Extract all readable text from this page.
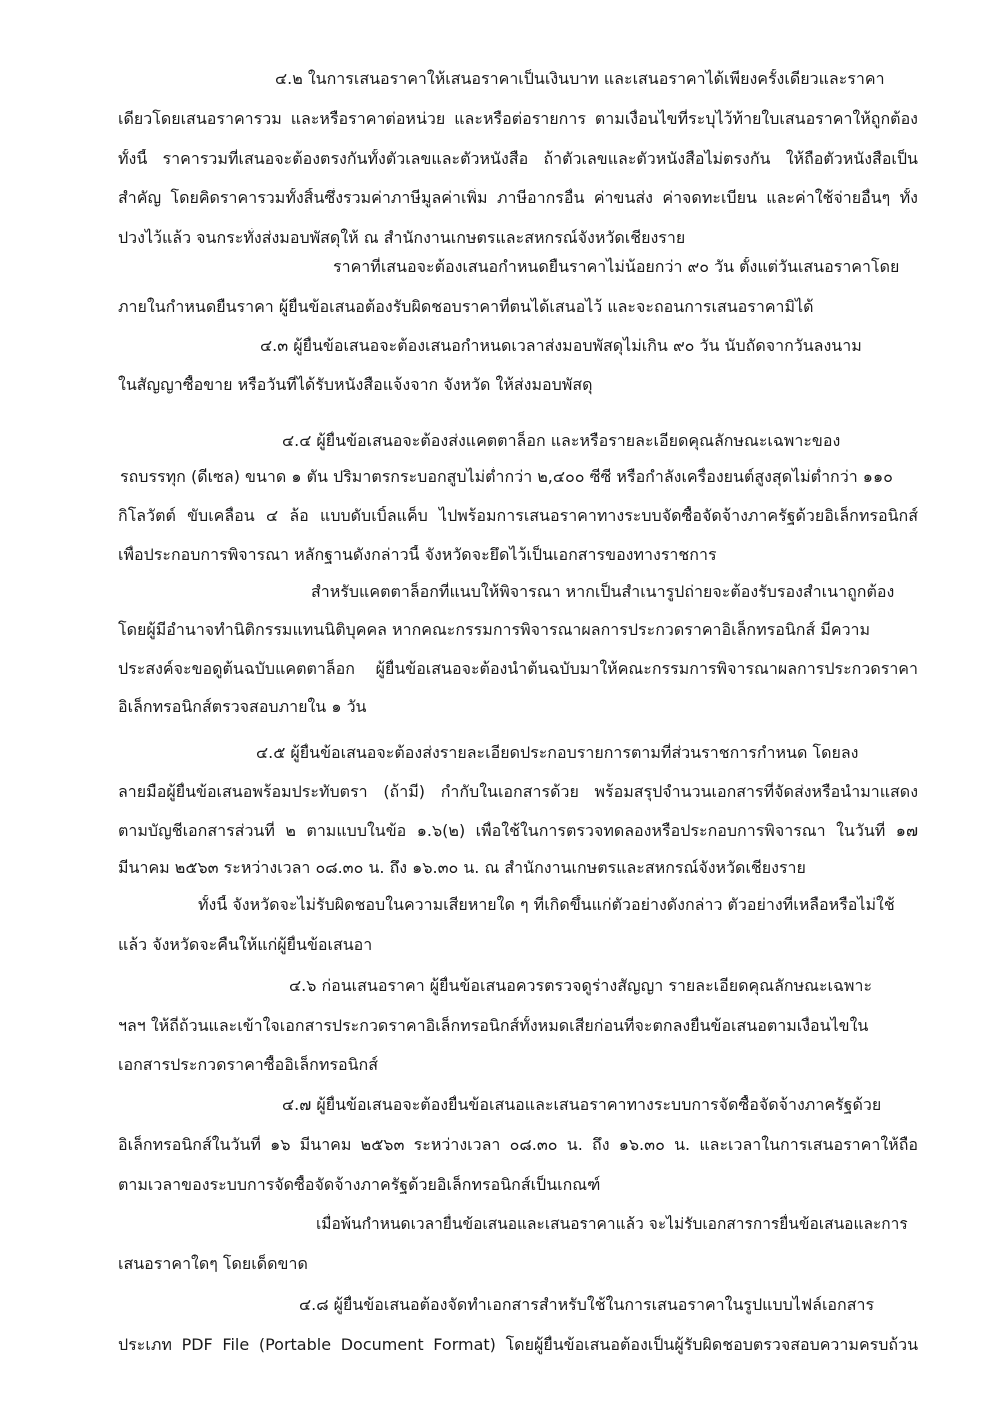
๔.๒ ในการเสนอราคาให้เสนอราคาเป็นเงินบาท และเสนอราคาได้เพียงครั้งเดียวและราคา
เดียวโดยเสนอราคารวม และหรือราคาต่อหน่วย และหรือต่อรายการ ตามเงื่อนไขที่ระบุไว้ท้ายใบเสนอราคาให้ถูกต้อง
ทั้งนี้ ราคารวมที่เสนอจะต้องตรงกันทั้งตัวเลขและตัวหนังสือ ถ้าตัวเลขและตัวหนังสือไม่ตรงกัน ให้ถือตัวหนังสือเป็น
สำคัญ โดยคิดราคารวมทั้งสิ้นซึ่งรวมค่าภาษีมูลค่าเพิ่ม ภาษีอากรอื่น ค่าขนส่ง ค่าจดทะเบียน และค่าใช้จ่ายอื่นๆ ทั้ง
ปวงไว้แล้ว จนกระทั่งส่งมอบพัสดุให้ ณ สำนักงานเกษตรและสหกรณ์จังหวัดเชียงราย
ราคาที่เสนอจะต้องเสนอกำหนดยืนราคาไม่น้อยกว่า ๙๐ วัน ตั้งแต่วันเสนอราคาโดย
ภายในกำหนดยืนราคา ผู้ยื่นข้อเสนอต้องรับผิดชอบราคาที่ตนได้เสนอไว้ และจะถอนการเสนอราคามิได้
๔.๓ ผู้ยื่นข้อเสนอจะต้องเสนอกำหนดเวลาส่งมอบพัสดุไม่เกิน ๙๐ วัน นับถัดจากวันลงนาม
ในสัญญาซื้อขาย หรือวันที่ได้รับหนังสือแจ้งจาก จังหวัด ให้ส่งมอบพัสดุ
๔.๔ ผู้ยื่นข้อเสนอจะต้องส่งแคตตาล็อก และหรือรายละเอียดคุณลักษณะเฉพาะของ
รถบรรทุก (ดีเซล) ขนาด ๑ ตัน ปริมาตรกระบอกสูบไม่ต่ำกว่า ๒,๔๐๐ ซีซี หรือกำลังเครื่องยนต์สูงสุดไม่ต่ำกว่า ๑๑๐
กิโลวัตต์ ขับเคลื่อน ๔ ล้อ แบบดับเบิ้ลแค็บ ไปพร้อมการเสนอราคาทางระบบจัดซื้อจัดจ้างภาครัฐด้วยอิเล็กทรอนิกส์
เพื่อประกอบการพิจารณา หลักฐานดังกล่าวนี้ จังหวัดจะยึดไว้เป็นเอกสารของทางราชการ
สำหรับแคตตาล็อกที่แนบให้พิจารณา หากเป็นสำเนารูปถ่ายจะต้องรับรองสำเนาถูกต้อง
โดยผู้มีอำนาจทำนิติกรรมแทนนิติบุคคล หากคณะกรรมการพิจารณาผลการประกวดราคาอิเล็กทรอนิกส์ มีความ
ประสงค์จะขอดูต้นฉบับแคตตาล็อก ผู้ยื่นข้อเสนอจะต้องนำต้นฉบับมาให้คณะกรรมการพิจารณาผลการประกวดราคา
อิเล็กทรอนิกส์ตรวจสอบภายใน ๑ วัน
๔.๕ ผู้ยื่นข้อเสนอจะต้องส่งรายละเอียดประกอบรายการตามที่ส่วนราชการกำหนด โดยลง
ลายมือผู้ยื่นข้อเสนอพร้อมประทับตรา (ถ้ามี) กำกับในเอกสารด้วย พร้อมสรุปจำนวนเอกสารที่จัดส่งหรือนำมาแสดง
ตามบัญชีเอกสารส่วนที่ ๒ ตามแบบในข้อ ๑.๖(๒) เพื่อใช้ในการตรวจทดลองหรือประกอบการพิจารณา ในวันที่ ๑๗
มีนาคม ๒๕๖๓ ระหว่างเวลา ๐๘.๓๐ น. ถึง ๑๖.๓๐ น. ณ สำนักงานเกษตรและสหกรณ์จังหวัดเชียงราย
ทั้งนี้ จังหวัดจะไม่รับผิดชอบในความเสียหายใด ๆ ที่เกิดขึ้นแก่ตัวอย่างดังกล่าว ตัวอย่างที่เหลือหรือไม่ใช้
แล้ว จังหวัดจะคืนให้แก่ผู้ยื่นข้อเสนอา
๔.๖ ก่อนเสนอราคา ผู้ยื่นข้อเสนอควรตรวจดูร่างสัญญา รายละเอียดคุณลักษณะเฉพาะ
ฯลฯ ให้ถี่ถ้วนและเข้าใจเอกสารประกวดราคาอิเล็กทรอนิกส์ทั้งหมดเสียก่อนที่จะตกลงยื่นข้อเสนอตามเงื่อนไขใน
เอกสารประกวดราคาซื้ออิเล็กทรอนิกส์
๔.๗ ผู้ยื่นข้อเสนอจะต้องยื่นข้อเสนอและเสนอราคาทางระบบการจัดซื้อจัดจ้างภาครัฐด้วย
อิเล็กทรอนิกส์ในวันที่ ๑๖ มีนาคม ๒๕๖๓ ระหว่างเวลา ๐๘.๓๐ น. ถึง ๑๖.๓๐ น. และเวลาในการเสนอราคาให้ถือ
ตามเวลาของระบบการจัดซื้อจัดจ้างภาครัฐด้วยอิเล็กทรอนิกส์เป็นเกณฑ์
เมื่อพ้นกำหนดเวลายื่นข้อเสนอและเสนอราคาแล้ว จะไม่รับเอกสารการยื่นข้อเสนอและการ
เสนอราคาใดๆ โดยเด็ดขาด
๔.๘ ผู้ยื่นข้อเสนอต้องจัดทำเอกสารสำหรับใช้ในการเสนอราคาในรูปแบบไฟล์เอกสาร
ประเภท PDF File (Portable Document Format) โดยผู้ยื่นข้อเสนอต้องเป็นผู้รับผิดชอบตรวจสอบความครบถ้วน
